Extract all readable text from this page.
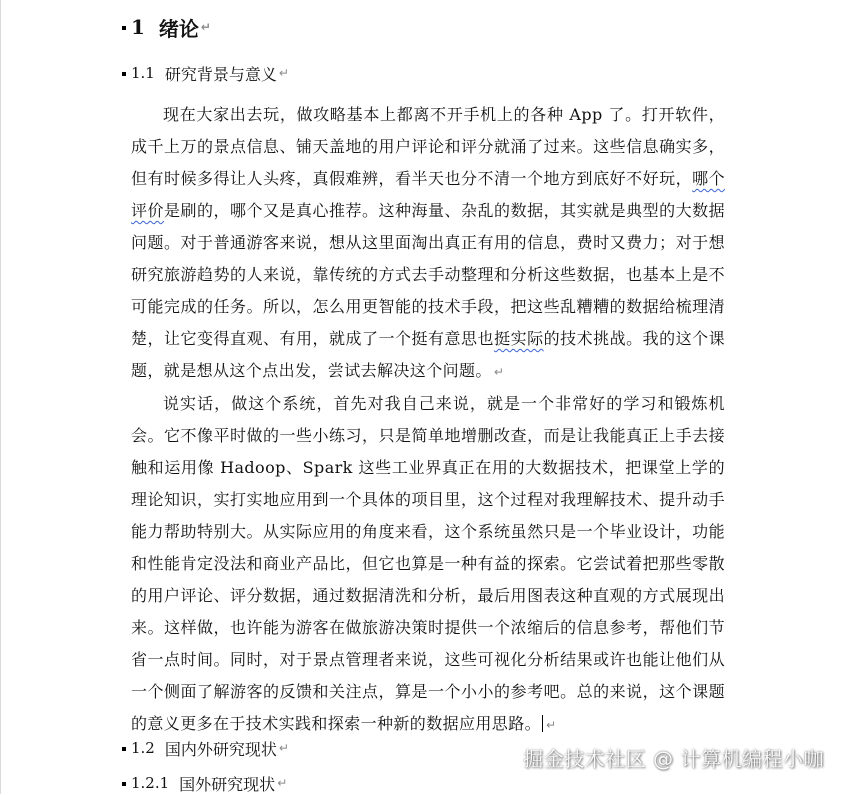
1 绪论 ↵
1.1 研究背景与意义 ↵

现在大家出去玩，做攻略基本上都离不开手机上的各种 App 了。打开软件，成千上万的景点信息、铺天盖地的用户评论和评分就涌了过来。这些信息确实多，但有时候多得让人头疼，真假难辨，看半天也分不清一个地方到底好不好玩，哪个评价是刷的，哪个又是真心推荐。这种海量、杂乱的数据，其实就是典型的大数据问题。对于普通游客来说，想从这里面淘出真正有用的信息，费时又费力；对于想研究旅游趋势的人来说，靠传统的方式去手动整理和分析这些数据，也基本上是不可能完成的任务。所以，怎么用更智能的技术手段，把这些乱糟糟的数据给梳理清楚，让它变得直观、有用，就成了一个挺有意思也挺实际的技术挑战。我的这个课题，就是想从这个点出发，尝试去解决这个问题。 ↵

说实话，做这个系统，首先对我自己来说，就是一个非常好的学习和锻炼机会。它不像平时做的一些小练习，只是简单地增删改查，而是让我能真正上手去接触和运用像 Hadoop、Spark 这些工业界真正在用的大数据技术，把课堂上学的理论知识，实打实地应用到一个具体的项目里，这个过程对我理解技术、提升动手能力帮助特别大。从实际应用的角度来看，这个系统虽然只是一个毕业设计，功能和性能肯定没法和商业产品比，但它也算是一种有益的探索。它尝试着把那些零散的用户评论、评分数据，通过数据清洗和分析，最后用图表这种直观的方式展现出来。这样做，也许能为游客在做旅游决策时提供一个浓缩后的信息参考，帮他们节省一点时间。同时，对于景点管理者来说，这些可视化分析结果或许也能让他们从一个侧面了解游客的反馈和关注点，算是一个小小的参考吧。总的来说，这个课题的意义更多在于技术实践和探索一种新的数据应用思路。 ↵

1.2 国内外研究现状 ↵
1.2.1 国外研究现状 ↵
掘金技术社区 @ 计算机编程小咖
